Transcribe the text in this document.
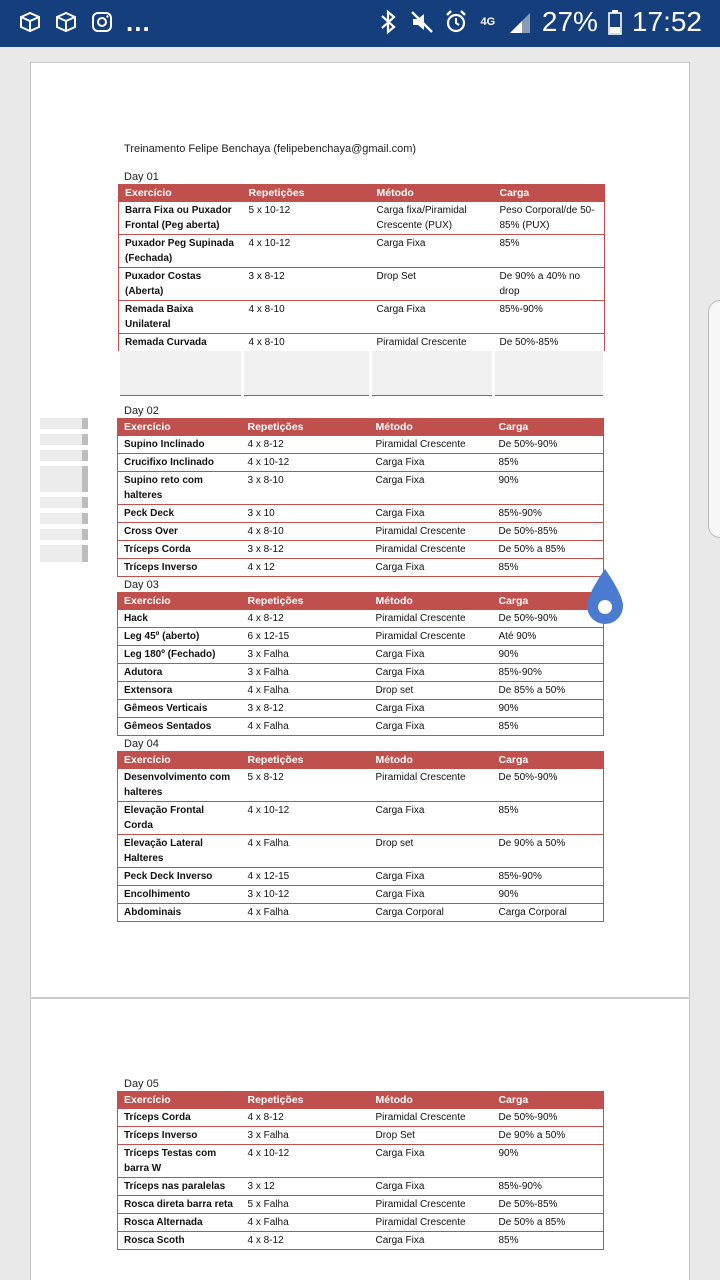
...	4G 27% 17:52
Treinamento Felipe Benchaya (felipebenchaya@gmail.com)
Day 01
Exercício	Repetições	Método	Carga
Barra Fixa ou Puxador Frontal (Peg aberta)	5 x 10-12	Carga fixa/Piramidal Crescente (PUX)	Peso Corporal/de 50-85% (PUX)
Puxador Peg Supinada (Fechada)	4 x 10-12	Carga Fixa	85%
Puxador Costas (Aberta)	3 x 8-12	Drop Set	De 90% a 40% no drop
Remada Baixa Unilateral	4 x 8-10	Carga Fixa	85%-90%
Remada Curvada	4 x 8-10	Piramidal Crescente	De 50%-85%

Day 02
Exercício	Repetições	Método	Carga
Supino Inclinado	4 x 8-12	Piramidal Crescente	De 50%-90%
Crucifixo Inclinado	4 x 10-12	Carga Fixa	85%
Supino reto com halteres	3 x 8-10	Carga Fixa	90%
Peck Deck	3 x 10	Carga Fixa	85%-90%
Cross Over	4 x 8-10	Piramidal Crescente	De 50%-85%
Tríceps Corda	3 x 8-12	Piramidal Crescente	De 50% a 85%
Tríceps Inverso	4 x 12	Carga Fixa	85%
Day 03
Exercício	Repetições	Método	Carga
Hack	4 x 8-12	Piramidal Crescente	De 50%-90%
Leg 45º (aberto)	6 x 12-15	Piramidal Crescente	Até 90%
Leg 180º (Fechado)	3 x Falha	Carga Fixa	90%
Adutora	3 x Falha	Carga Fixa	85%-90%
Extensora	4 x Falha	Drop set	De 85% a 50%
Gêmeos Verticais	3 x 8-12	Carga Fixa	90%
Gêmeos Sentados	4 x Falha	Carga Fixa	85%
Day 04
Exercício	Repetições	Método	Carga
Desenvolvimento com halteres	5 x 8-12	Piramidal Crescente	De 50%-90%
Elevação Frontal Corda	4 x 10-12	Carga Fixa	85%
Elevação Lateral Halteres	4 x Falha	Drop set	De 90% a 50%
Peck Deck Inverso	4 x 12-15	Carga Fixa	85%-90%
Encolhimento	3 x 10-12	Carga Fixa	90%
Abdominais	4 x Falha	Carga Corporal	Carga Corporal
Day 05
Exercício	Repetições	Método	Carga
Tríceps Corda	4 x 8-12	Piramidal Crescente	De 50%-90%
Tríceps Inverso	3 x Falha	Drop Set	De 90% a 50%
Tríceps Testas com barra W	4 x 10-12	Carga Fixa	90%
Tríceps nas paralelas	3 x 12	Carga Fixa	85%-90%
Rosca direta barra reta	5 x Falha	Piramidal Crescente	De 50%-85%
Rosca Alternada	4 x Falha	Piramidal Crescente	De 50% a 85%
Rosca Scoth	4 x 8-12	Carga Fixa	85%
